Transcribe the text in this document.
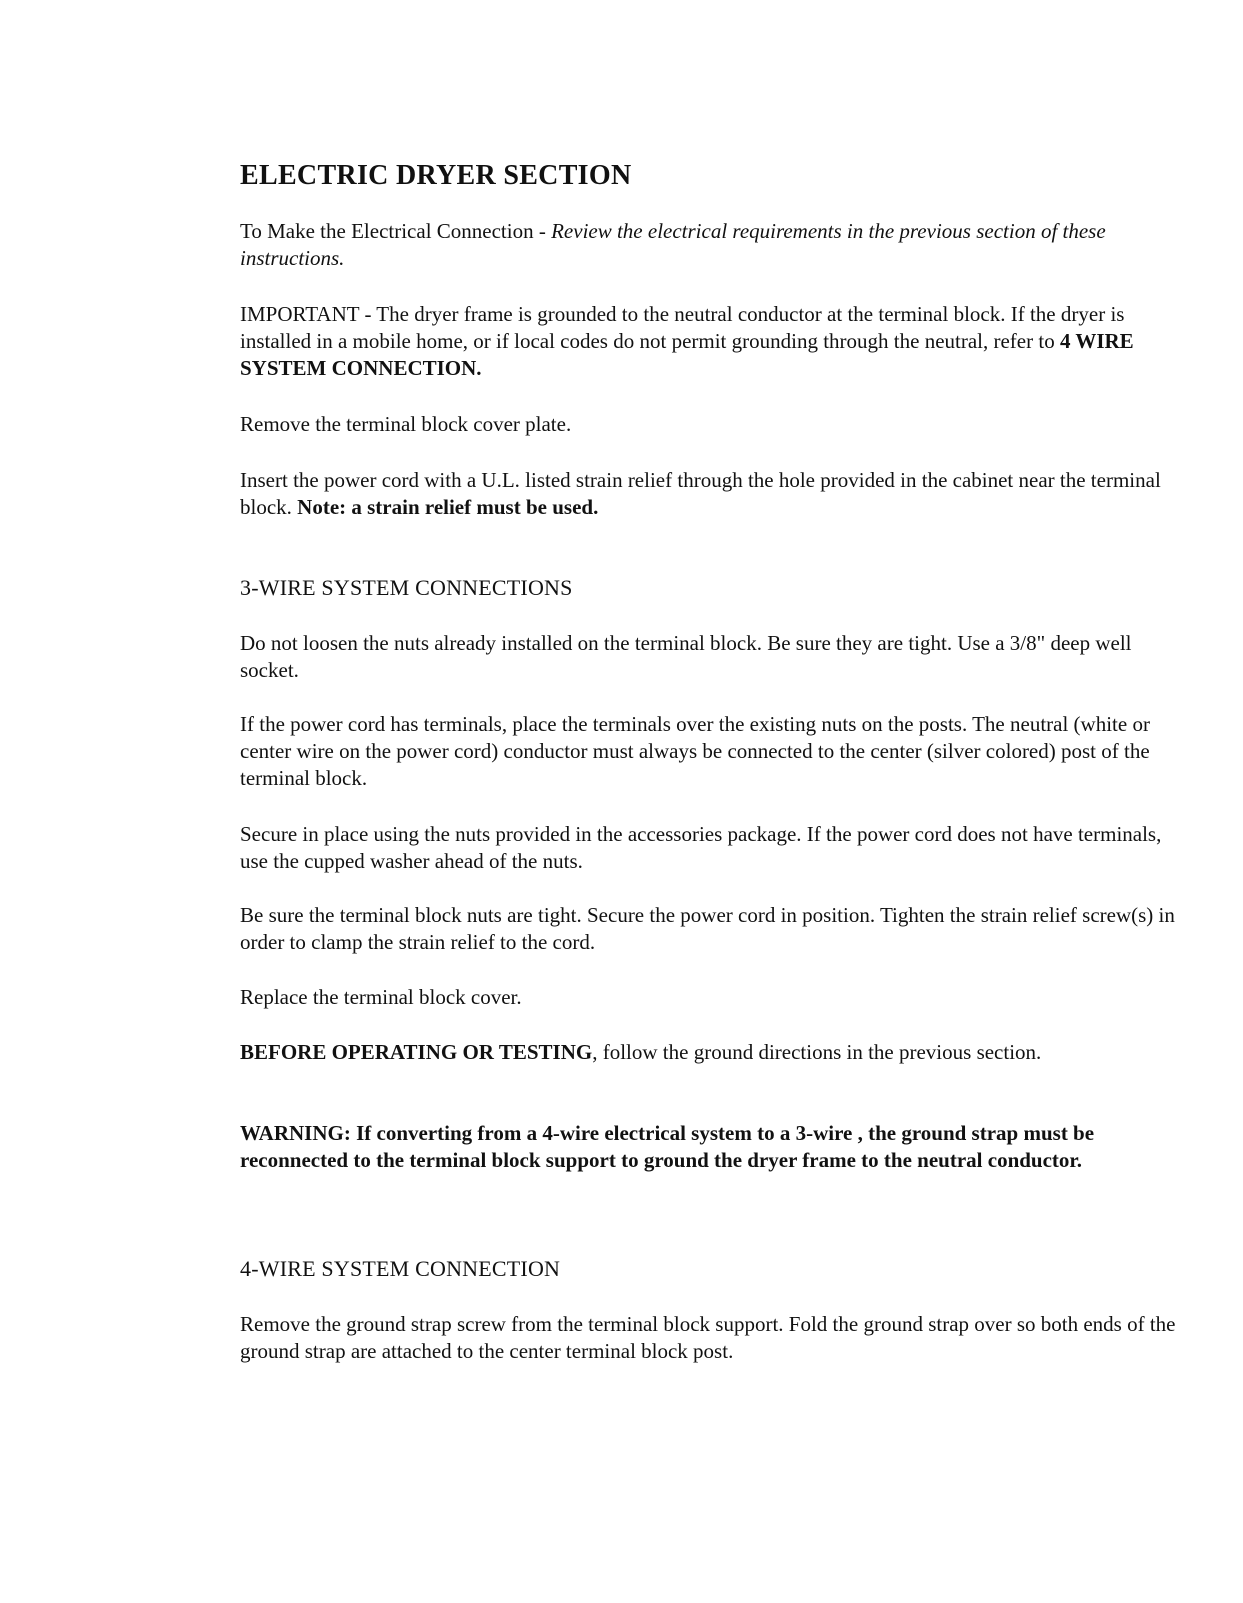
ELECTRIC DRYER SECTION
To Make the Electrical Connection - Review the electrical requirements in the previous section of these instructions.
IMPORTANT - The dryer frame is grounded to the neutral conductor at the terminal block. If the dryer is installed in a mobile home, or if local codes do not permit grounding through the neutral, refer to 4 WIRE SYSTEM CONNECTION.
Remove the terminal block cover plate.
Insert the power cord with a U.L. listed strain relief through the hole provided in the cabinet near the terminal block. Note: a strain relief must be used.
3-WIRE SYSTEM CONNECTIONS
Do not loosen the nuts already installed on the terminal block. Be sure they are tight. Use a 3/8" deep well socket.
If the power cord has terminals, place the terminals over the existing nuts on the posts. The neutral (white or center wire on the power cord) conductor must always be connected to the center (silver colored) post of the terminal block.
Secure in place using the nuts provided in the accessories package. If the power cord does not have terminals, use the cupped washer ahead of the nuts.
Be sure the terminal block nuts are tight. Secure the power cord in position. Tighten the strain relief screw(s) in order to clamp the strain relief to the cord.
Replace the terminal block cover.
BEFORE OPERATING OR TESTING, follow the ground directions in the previous section.
WARNING: If converting from a 4-wire electrical system to a 3-wire , the ground strap must be reconnected to the terminal block support to ground the dryer frame to the neutral conductor.
4-WIRE SYSTEM CONNECTION
Remove the ground strap screw from the terminal block support. Fold the ground strap over so both ends of the ground strap are attached to the center terminal block post.
